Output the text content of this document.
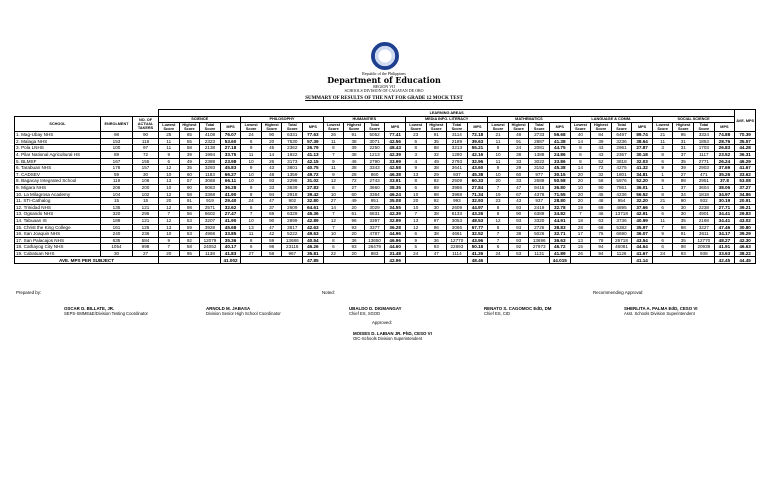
Republic of the Philippines
Department of Education
REGION VII
SCHOOLS DIVISION OF CAGAYAN DE ORO
SUMMARY OF RESULTS OF THE NAT FOR GRADE 12 MOCK TEST
			LEARNING AREAS																												AVE. MPS
SCHOOL	ENROLMENT	NO. OF ACTUAL TAKERS	SCIENCE				PHILOSOPHY				HUMANITIES				MEDIA INFO. LITERACY				MATHEMATICS				LANGUAGE & COMM.				SOCIAL SCIENCE				
			Lowest Score	Highest Score	Total Score	MPS	Lowest Score	Highest Score	Total Score	MPS	Lowest Score	Highest Score	Total Score	MPS	Lowest Score	Highest Score	Total Score	MPS	Lowest Score	Highest Score	Total Score	MPS	Lowest Score	Highest Score	Total Score	MPS	Lowest Score	Highest Score	Total Score	MPS	
1. Mag-Ubay NHS	98	90	25	65	4108	76.07	24	90	6331	77.63	26	91	5052	77.41	23	91	3114	72.18	21	48	2733	56.68	40	84	6497	89.74	21	95	3324	74.88	70.39
2. Malaga NHS	153	118	11	55	2323	53.60	6	20	7530	57.39	11	38	3071	42.56	6	35	2189	39.63	11	91	2887	41.38	14	39	3236	38.64	11	31	1853	28.76	35.57
3. Pola LNHS	100	97	11	58	2138	27.18	9	45	2362	26.79	8	39	2250	48.43	8	88	3213	55.21	9	24	2081	44.75	8	43	2961	27.87	3	31	1703	26.83	44.28
4. Pilar National Agricultural HS	89	72	9	39	1994	33.75	11	14	1922	41.13	7	38	1213	42.39	3	32	1280	42.16	10	38	1388	24.86	8	43	2367	30.18	8	37	1117	23.52	36.31
5. BLMSF	167	155	6	49	2388	23.98	10	26	3173	42.15	9	46	2790	33.99	4	49	2793	32.96	11	33	3022	33.86	8	52	3818	32.03	6	35	2771	26.24	46.29
6. Tarabuan NHS	176	157	12	35	3293	45.83	9	43	3601	40.75	11	38	3343	42.58	9	38	3641	43.60	9	29	3152	45.38	14	72	4275	41.32	9	39	2903	37.69	41.67
7. CADSEV	59	30	10	60	1183	66.27	10	48	1359	49.72	9	28	860	46.38	13	29	937	45.38	10	60	977	30.15	20	32	1801	34.81	1	27	471	35.26	33.62
8. Bagacay Integrated School	119	106	13	57	3068	66.11	10	93	2298	31.02	12	72	2743	33.91	8	92	2509	60.33	20	33	2689	50.58	20	58	5976	52.20	9	98	2951	37.8	53.08
9. Migara NHS	206	200	10	90	9083	36.28	9	33	3639	27.83	6	27	3660	38.35	6	89	3986	27.84	7	47	9415	36.80	10	90	7861	36.01	1	37	3604	38.06	37.27
10. La Milagrosa Academy	104	102	12	58	3368	41.90	8	94	2918	39.42	10	60	3364	46.24	10	98	3988	71.34	19	67	4378	71.55	20	45	4236	56.52	8	34	1818	34.97	34.86
11. STI-Cathalog	15	15	20	91	919	29.40	24	47	902	32.80	27	49	951	35.08	20	92	993	32.93	23	43	937	28.80	20	48	954	32.20	21	90	932	30.19	20.91
12. Trinidad NHS	135	121	12	98	2571	32.62	8	37	2609	64.61	14	20	3029	34.55	10	30	2609	44.97	8	93	2419	32.78	19	69	4895	37.66	6	30	2238	27.71	39.21
13. Ogsando NHS	320	295	7	56	6602	27.47	7	69	6329	45.36	7	61	6831	42.39	7	38	6133	43.26	8	90	6389	34.82	7	46	13718	42.91	6	30	4901	34.41	29.83
14. Tabuaan IS	189	121	12	53	3207	41.90	10	90	2899	42.89	12	96	3397	32.99	13	97	3053	48.53	12	93	3320	44.91	18	63	3736	40.99	11	35	2168	34.41	43.02
15. Christ the King College	161	125	13	59	3928	45.68	13	47	3817	42.63	7	93	3377	36.28	12	96	3066	67.77	8	93	2726	38.83	28	68	5382	35.97	7	98	3227	47.46	30.80
16. San Joaquin NHS	240	236	10	53	4968	33.85	11	42	5222	49.53	10	20	4787	44.96	6	38	4661	32.52	7	38	5026	32.71	17	76	6690	36.07	9	91	3611	34.17	39.29
17. San Palacajos NHS	635	584	9	92	12079	35.36	8	59	13686	40.54	8	36	13650	46.96	9	36	12770	43.96	7	93	13696	36.63	13	78	26718	43.54	6	35	12770	48.27	42.30
18. Cathayog City NHS	1054	998	7	58	24052	40.17	6	98	23118	46.26	6	93	26479	44.60	5	93	22893	50.18	6	92	27973	46.72	15	94	46081	44.64	6	98	20939	41.91	46.63
19. Cabatuan NHS	30	27	20	95	1138	41.83	27	58	967	35.81	22	20	883	31.48	24	47	1114	41.26	24	53	1131	41.89	26	94	1126	41.67	24	93	938	33.63	38.22
AVE. MPS PER SUBJECT						41.002				47.85				42.96				48.46				44.015				41.14				42.45	44.45
Prepared by:	Noted:	Recommending Approval:
OSCAR D. BILLATE, JR.
SEPS-SMME&E/Division Testing Coordinator
ARNOLD M. JABASA
Division Senior High School Coordinator
UBALDO D. DIGMANGAY
Chief ES, SGOD
RENATO S. CAGOMOC EdD, DM
Chief ES, CID
SHERLITA A. PALMA EdD, CESO VI
Asst. Schools Division Superintendent
Approved:
MOISES D. LABIAN JR. PhD, CESO VI
OIC-Schools Division Superintendent
